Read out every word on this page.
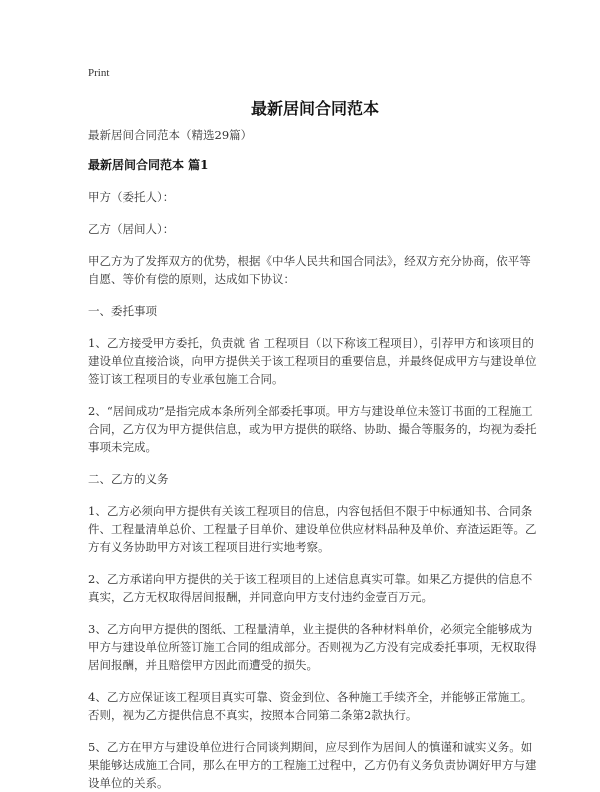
Print
最新居间合同范本

最新居间合同范本（精选29篇）

最新居间合同范本 篇1

甲方（委托人）：

乙方（居间人）：

甲乙方为了发挥双方的优势，根据《中华人民共和国合同法》，经双方充分协商，依平等自愿、等价有偿的原则，达成如下协议：

一、委托事项

1、乙方接受甲方委托，负责就 省 工程项目（以下称该工程项目），引荐甲方和该项目的建设单位直接洽谈，向甲方提供关于该工程项目的重要信息，并最终促成甲方与建设单位签订该工程项目的专业承包施工合同。

2、“居间成功”是指完成本条所列全部委托事项。甲方与建设单位未签订书面的工程施工合同，乙方仅为甲方提供信息，或为甲方提供的联络、协助、撮合等服务的，均视为委托事项未完成。

二、乙方的义务

1、乙方必须向甲方提供有关该工程项目的信息，内容包括但不限于中标通知书、合同条件、工程量清单总价、工程量子目单价、建设单位供应材料品种及单价、弃渣运距等。乙方有义务协助甲方对该工程项目进行实地考察。

2、乙方承诺向甲方提供的关于该工程项目的上述信息真实可靠。如果乙方提供的信息不真实，乙方无权取得居间报酬，并同意向甲方支付违约金壹百万元。

3、乙方向甲方提供的图纸、工程量清单，业主提供的各种材料单价，必须完全能够成为甲方与建设单位所签订施工合同的组成部分。否则视为乙方没有完成委托事项，无权取得居间报酬，并且赔偿甲方因此而遭受的损失。

4、乙方应保证该工程项目真实可靠、资金到位、各种施工手续齐全，并能够正常施工。否则，视为乙方提供信息不真实，按照本合同第二条第2款执行。

5、乙方在甲方与建设单位进行合同谈判期间，应尽到作为居间人的慎谨和诚实义务。如果能够达成施工合同，那么在甲方的工程施工过程中，乙方仍有义务负责协调好甲方与建设单位的关系。
